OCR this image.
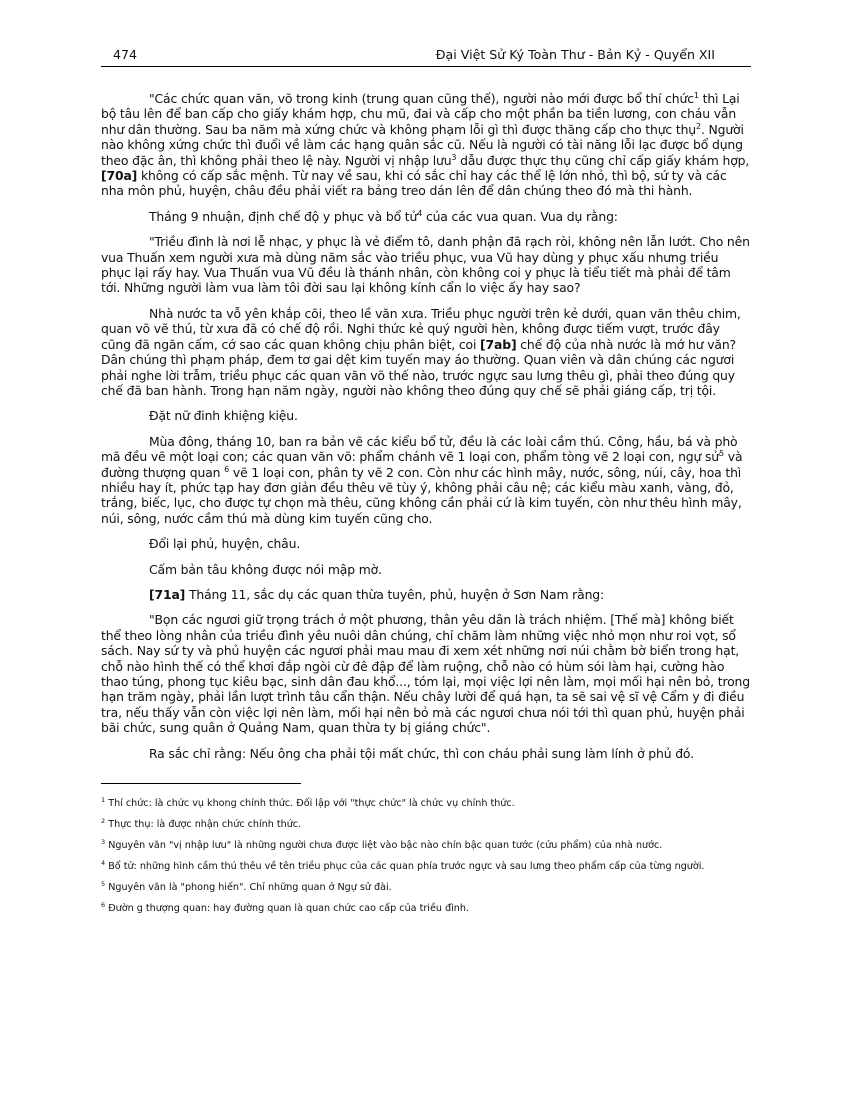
474	Đại Việt Sử Ký Toàn Thư - Bản Kỷ - Quyển XII

"Các chức quan văn, võ trong kinh (trung quan cũng thế), người nào mới được bổ thí chức$^1$ thì Lại bộ tâu lên để ban cấp cho giấy khám hợp, chu mũ, đai và cấp cho một phần ba tiền lương, con cháu vẫn như dân thường. Sau ba năm mà xứng chức và không phạm lỗi gì thì được thăng cấp cho thực thụ$^2$. Người nào không xứng chức thì đuổi về làm các hạng quân sắc cũ. Nếu là người có tài năng lỗi lạc được bổ dụng theo đặc ân, thì không phải theo lệ này. Người vị nhập lưu$^3$ dẫu được thực thụ cũng chỉ cấp giấy khám hợp, [70a] không có cấp sắc mệnh. Từ nay về sau, khi có sắc chỉ hay các thể lệ lớn nhỏ, thì bộ, sứ ty và các nha môn phủ, huyện, châu đều phải viết ra bảng treo dán lên để dân chúng theo đó mà thi hành.

Tháng 9 nhuận, định chế độ y phục và bổ tử$^4$ của các vua quan. Vua dụ rằng:

"Triều đình là nơi lễ nhạc, y phục là vẻ điểm tô, danh phận đã rạch ròi, không nên lẫn lướt. Cho nên vua Thuấn xem người xưa mà dùng năm sắc vào triều phục, vua Vũ hay dùng y phục xấu nhưng triều phục lại rấy hay. Vua Thuấn vua Vũ đều là thánh nhân, còn không coi y phục là tiểu tiết mà phải để tâm tới. Những người làm vua làm tôi đời sau lại không kính cẩn lo việc ấy hay sao?

Nhà nước ta vỗ yên khắp cõi, theo lề văn xưa. Triều phục người trên kẻ dưới, quan văn thêu chim, quan võ vẽ thú, từ xưa đã có chế độ rồi. Nghi thức kẻ quý người hèn, không được tiếm vượt, trước đây cũng đã ngăn cấm, cớ sao các quan không chịu phân biệt, coi [7ab] chế độ của nhà nước là mớ hư văn? Dân chúng thì phạm pháp, đem tơ gai dệt kim tuyến may áo thường. Quan viên và dân chúng các ngươi phải nghe lời trẫm, triều phục các quan văn võ thế nào, trước ngực sau lưng thêu gì, phải theo đúng quy chế đã ban hành. Trong hạn năm ngày, người nào không theo đúng quy chế sẽ phải giáng cấp, trị tội.

Đặt nữ đinh khiệng kiệu.

Mùa đông, tháng 10, ban ra bản vẽ các kiểu bổ tử, đều là các loài cầm thú. Công, hầu, bá và phò mã đều vẽ một loại con; các quan văn võ: phẩm chánh vẽ 1 loại con, phẩm tòng vẽ 2 loại con, ngự sử$^5$ và đường thượng quan $^6$ vẽ 1 loại con, phân ty vẽ 2 con. Còn như các hình mây, nước, sông, núi, cây, hoa thì nhiều hay ít, phức tạp hay đơn giản đều thêu vẽ tùy ý, không phải câu nệ; các kiểu màu xanh, vàng, đỏ, trắng, biếc, lục, cho được tự chọn mà thêu, cũng không cần phải cứ là kim tuyến, còn như thêu hình mây, núi, sông, nước cầm thú mà dùng kim tuyến cũng cho.

Đổi lại phủ, huyện, châu.

Cấm bản tâu không được nói mập mờ.

[71a] Tháng 11, sắc dụ các quan thừa tuyên, phủ, huyện ở Sơn Nam rằng:

"Bọn các ngươi giữ trọng trách ở một phương, thân yêu dân là trách nhiệm. [Thế mà] không biết thể theo lòng nhân của triều đình yêu nuôi dân chúng, chỉ chăm làm những việc nhỏ mọn như roi vọt, sổ sách. Nay sứ ty và phủ huyện các ngươi phải mau mau đi xem xét những nơi núi chằm bờ biển trong hạt, chỗ nào hình thế có thể khơi đắp ngòi cừ đê đập để làm ruộng, chỗ nào có hùm sói làm hại, cường hào thao túng, phong tục kiêu bạc, sinh dân đau khổ..., tóm lại, mọi việc lợi nên làm, mọi mối hại nên bỏ, trong hạn trăm ngày, phải lần lượt trình tâu cẩn thận. Nếu chây lười để quá hạn, ta sẽ sai vệ sĩ vệ Cẩm y đi điều tra, nếu thấy vẫn còn việc lợi nên làm, mối hại nên bỏ mà các ngươi chưa nói tới thì quan phủ, huyện phải bãi chức, sung quân ở Quảng Nam, quan thừa ty bị giáng chức".

Ra sắc chỉ rằng: Nếu ông cha phải tội mất chức, thì con cháu phải sung làm lính ở phủ đó.

$^1$ Thí chức: là chức vụ khong chính thức. Đối lập với "thực chức" là chức vụ chính thức.
$^2$ Thực thụ: là được nhận chức chính thức.
$^3$ Nguyên văn "vị nhập lưu" là những người chưa được liệt vào bậc nào chín bậc quan tước (cửu phẩm) của nhà nước.
$^4$ Bổ tử: những hình cầm thú thêu về tên triều phục của các quan phía trước ngực và sau lưng theo phẩm cấp của từng người.
$^5$ Nguyên văn là "phong hiến". Chỉ những quan ở Ngự sử đài.
$^6$ Đườn g thượng quan: hay đường quan là quan chức cao cấp của triều đình.
